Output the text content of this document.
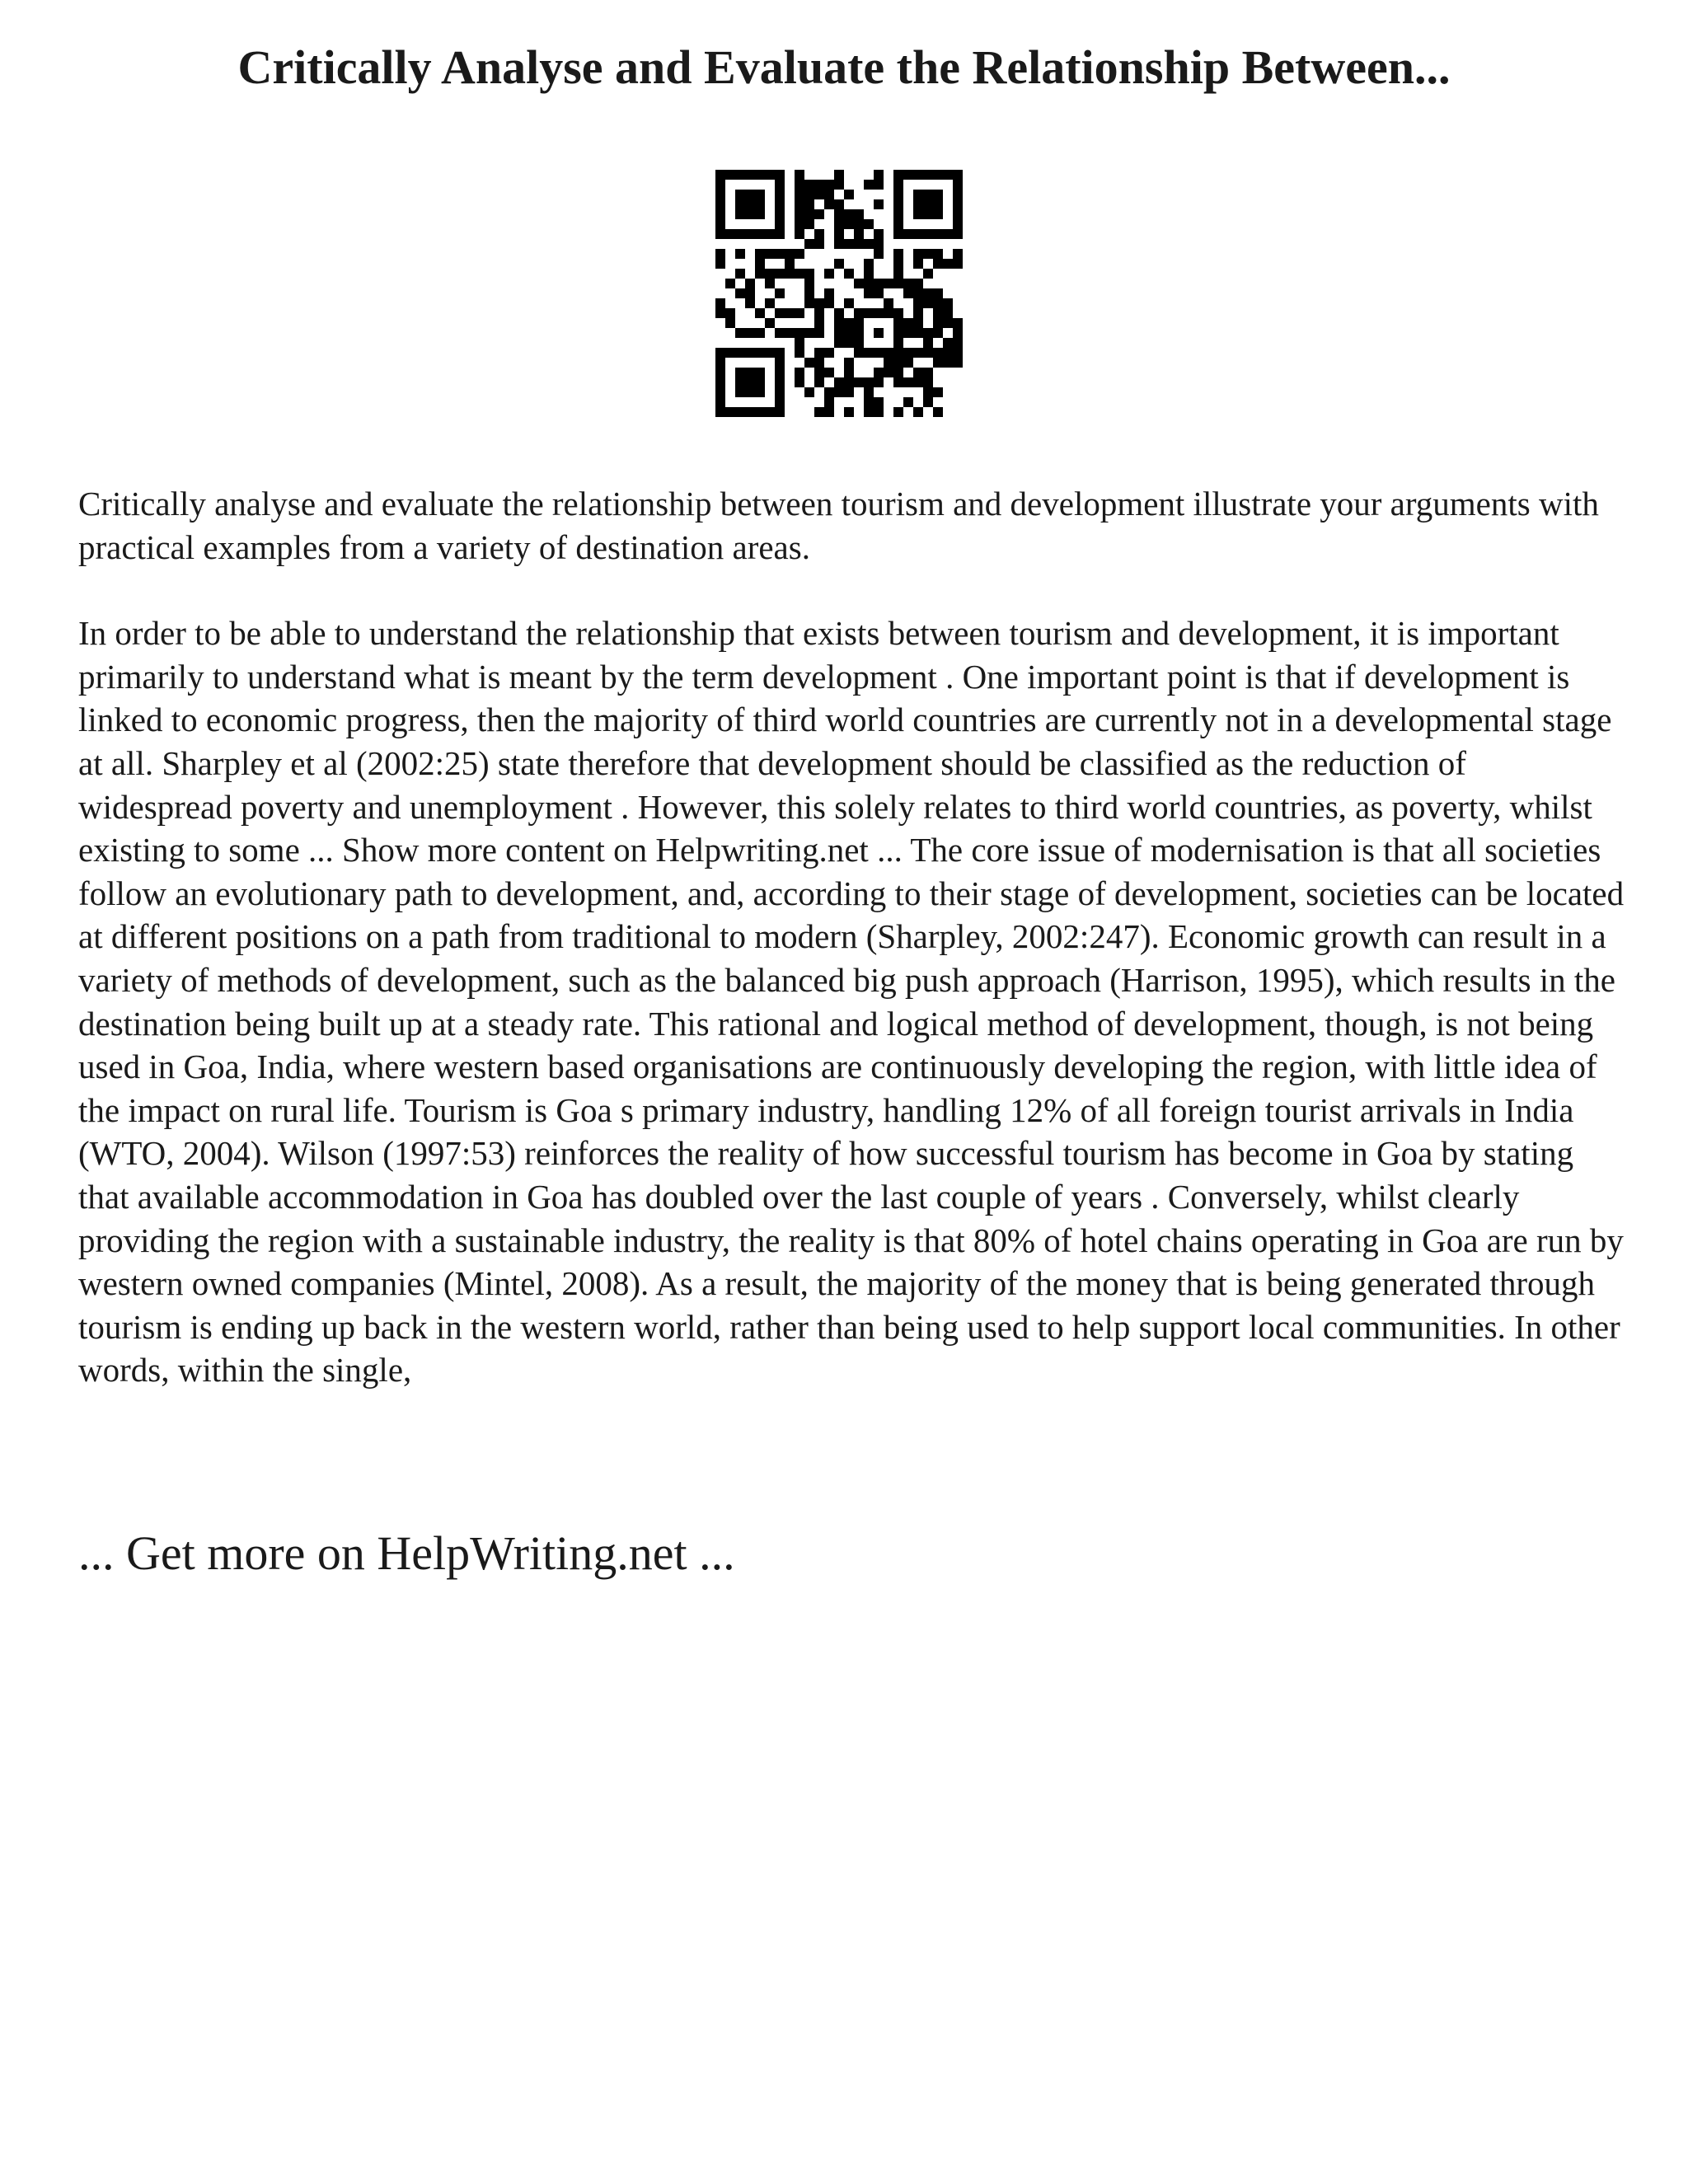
Critically Analyse and Evaluate the Relationship Between...

Critically analyse and evaluate the relationship between tourism and development illustrate your arguments with practical examples from a variety of destination areas.

In order to be able to understand the relationship that exists between tourism and development, it is important primarily to understand what is meant by the term development . One important point is that if development is linked to economic progress, then the majority of third world countries are currently not in a developmental stage at all. Sharpley et al (2002:25) state therefore that development should be classified as the reduction of widespread poverty and unemployment . However, this solely relates to third world countries, as poverty, whilst existing to some ... Show more content on Helpwriting.net ... The core issue of modernisation is that all societies follow an evolutionary path to development, and, according to their stage of development, societies can be located at different positions on a path from traditional to modern (Sharpley, 2002:247). Economic growth can result in a variety of methods of development, such as the balanced big push approach (Harrison, 1995), which results in the destination being built up at a steady rate. This rational and logical method of development, though, is not being used in Goa, India, where western based organisations are continuously developing the region, with little idea of the impact on rural life. Tourism is Goa s primary industry, handling 12% of all foreign tourist arrivals in India (WTO, 2004). Wilson (1997:53) reinforces the reality of how successful tourism has become in Goa by stating that available accommodation in Goa has doubled over the last couple of years . Conversely, whilst clearly providing the region with a sustainable industry, the reality is that 80% of hotel chains operating in Goa are run by western owned companies (Mintel, 2008). As a result, the majority of the money that is being generated through tourism is ending up back in the western world, rather than being used to help support local communities. In other words, within the single,

... Get more on HelpWriting.net ...
